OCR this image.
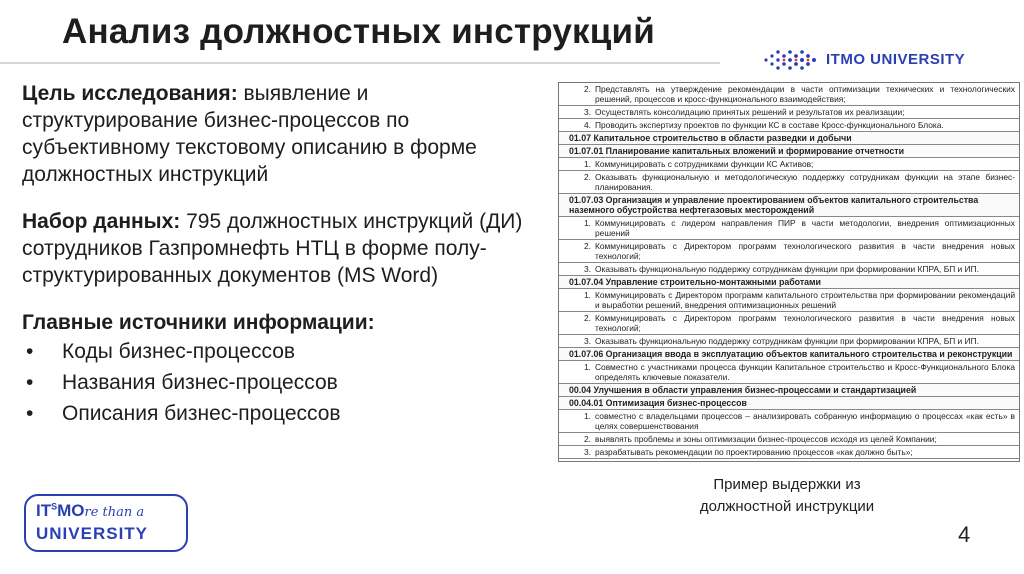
Анализ должностных инструкций
ITMO UNIVERSITY

Цель исследования: выявление и структурирование бизнес-процессов по субъективному текстовому описанию в форме должностных инструкций

Набор данных: 795 должностных инструкций (ДИ) сотрудников Газпромнефть НТЦ в форме полу-структурированных документов (MS Word)

Главные источники информации:

• Коды бизнес-процессов
• Названия бизнес-процессов
• Описания бизнес-процессов
$IT^SMOre$ than a
UNIVERSITY
2. Представлять на утверждение рекомендации в части оптимизации технических и технологических решений, процессов и кросс-функционального взаимодействия;
3. Осуществлять консолидацию принятых решений и результатов их реализации;
4. Проводить экспертизу проектов по функции КС в составе Кросс-функционального Блока.
01.07 Капитальное строительство в области разведки и добычи
01.07.01 Планирование капитальных вложений и формирование отчетности
1. Коммуницировать с сотрудниками функции КС Активов;
2. Оказывать функциональную и методологическую поддержку сотрудникам функции на этапе бизнес-планирования.
01.07.03 Организация и управление проектированием объектов капитального строительства наземного обустройства нефтегазовых месторождений
1. Коммуницировать с лидером направления ПИР в части методологии, внедрения оптимизационных решений
2. Коммуницировать с Директором программ технологического развития в части внедрения новых технологий;
3. Оказывать функциональную поддержку сотрудникам функции при формировании КПРА, БП и ИП.
01.07.04 Управление строительно-монтажными работами
1. Коммуницировать с Директором программ капитального строительства при формировании рекомендаций и выработки решений, внедрения оптимизационных решений
2. Коммуницировать с Директором программ технологического развития в части внедрения новых технологий;
3. Оказывать функциональную поддержку сотрудникам функции при формировании КПРА, БП и ИП.
01.07.06 Организация ввода в эксплуатацию объектов капитального строительства и реконструкции
1. Совместно с участниками процесса функции Капитальное строительство и Кросс-Функционального Блока определять ключевые показатели.
00.04 Улучшения в области управления бизнес-процессами и стандартизацией
00.04.01 Оптимизация бизнес-процессов
1. совместно с владельцами процессов – анализировать собранную информацию о процессах «как есть» в целях совершенствования
2. выявлять проблемы и зоны оптимизации бизнес-процессов исходя из целей Компании;
3. разрабатывать рекомендации по проектированию процессов «как должно быть»;
Пример выдержки из
должностной инструкции
4
